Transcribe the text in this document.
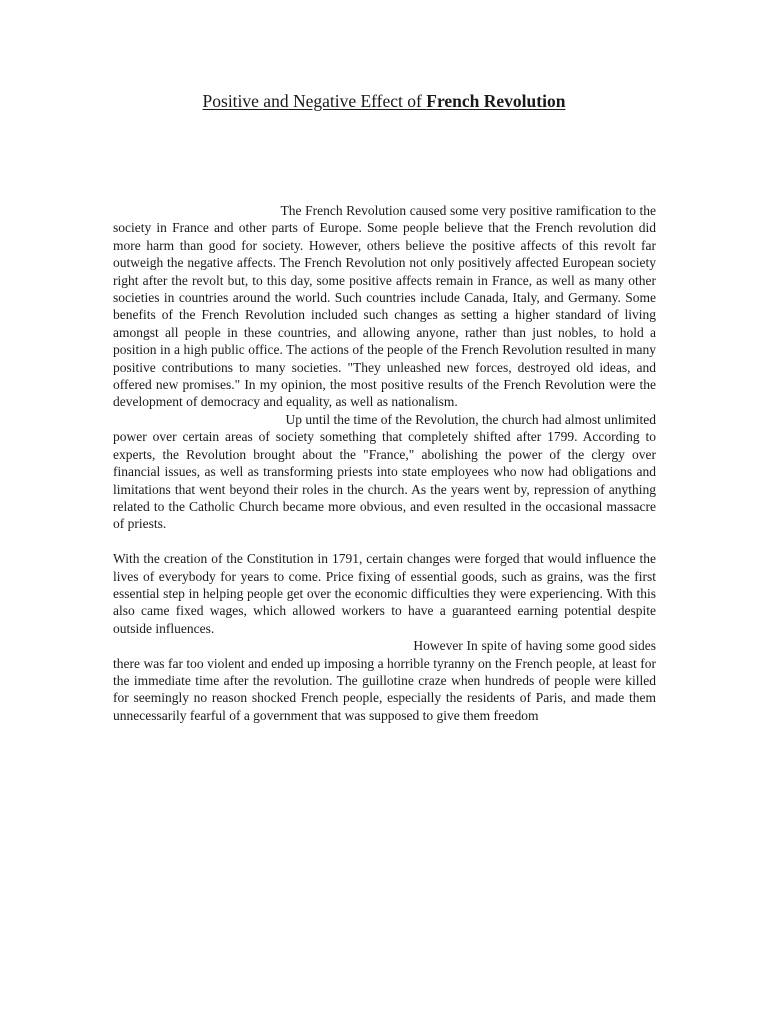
Positive and Negative Effect of French Revolution

The French Revolution caused some very positive ramification to the society in France and other parts of Europe. Some people believe that the French revolution did more harm than good for society. However, others believe the positive affects of this revolt far outweigh the negative affects. The French Revolution not only positively affected European society right after the revolt but, to this day, some positive affects remain in France, as well as many other societies in countries around the world. Such countries include Canada, Italy, and Germany. Some benefits of the French Revolution included such changes as setting a higher standard of living amongst all people in these countries, and allowing anyone, rather than just nobles, to hold a position in a high public office. The actions of the people of the French Revolution resulted in many positive contributions to many societies. "They unleashed new forces, destroyed old ideas, and offered new promises." In my opinion, the most positive results of the French Revolution were the development of democracy and equality, as well as nationalism.

Up until the time of the Revolution, the church had almost unlimited power over certain areas of society something that completely shifted after 1799. According to experts, the Revolution brought about the "France," abolishing the power of the clergy over financial issues, as well as transforming priests into state employees who now had obligations and limitations that went beyond their roles in the church. As the years went by, repression of anything related to the Catholic Church became more obvious, and even resulted in the occasional massacre of priests.

With the creation of the Constitution in 1791, certain changes were forged that would influence the lives of everybody for years to come. Price fixing of essential goods, such as grains, was the first essential step in helping people get over the economic difficulties they were experiencing. With this also came fixed wages, which allowed workers to have a guaranteed earning potential despite outside influences.

However In spite of having some good sides there was far too violent and ended up imposing a horrible tyranny on the French people, at least for the immediate time after the revolution. The guillotine craze when hundreds of people were killed for seemingly no reason shocked French people, especially the residents of Paris, and made them unnecessarily fearful of a government that was supposed to give them freedom
